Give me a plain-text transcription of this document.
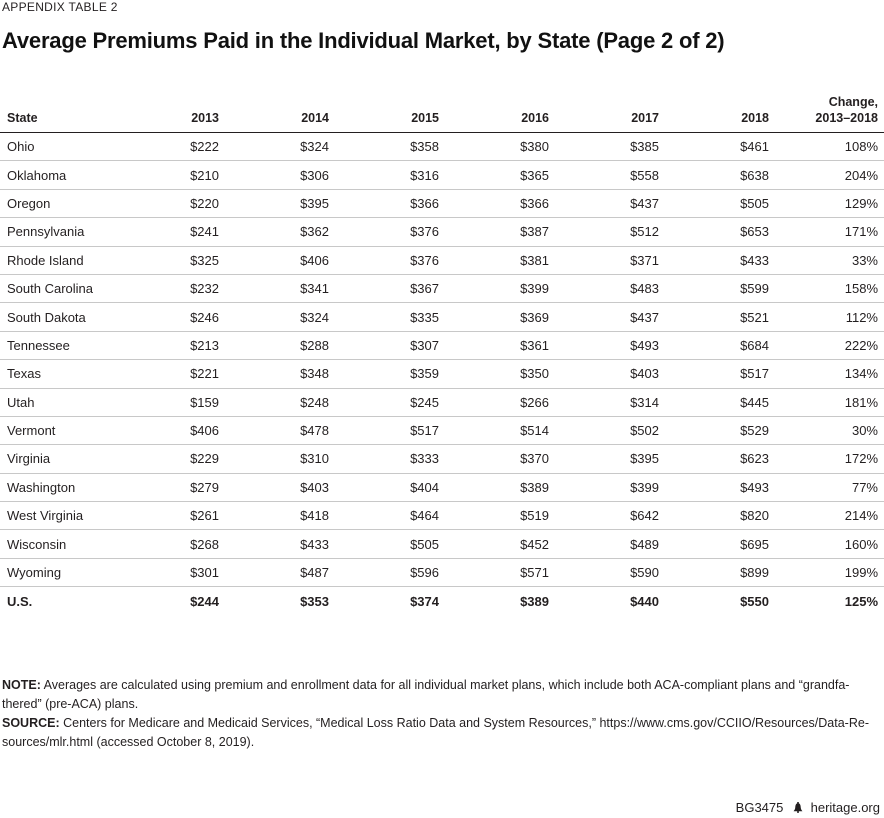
APPENDIX TABLE 2
Average Premiums Paid in the Individual Market, by State (Page 2 of 2)
State	2013	2014	2015	2016	2017	2018	Change,
2013–2018
Ohio	$222	$324	$358	$380	$385	$461	108%
Oklahoma	$210	$306	$316	$365	$558	$638	204%
Oregon	$220	$395	$366	$366	$437	$505	129%
Pennsylvania	$241	$362	$376	$387	$512	$653	171%
Rhode Island	$325	$406	$376	$381	$371	$433	33%
South Carolina	$232	$341	$367	$399	$483	$599	158%
South Dakota	$246	$324	$335	$369	$437	$521	112%
Tennessee	$213	$288	$307	$361	$493	$684	222%
Texas	$221	$348	$359	$350	$403	$517	134%
Utah	$159	$248	$245	$266	$314	$445	181%
Vermont	$406	$478	$517	$514	$502	$529	30%
Virginia	$229	$310	$333	$370	$395	$623	172%
Washington	$279	$403	$404	$389	$399	$493	77%
West Virginia	$261	$418	$464	$519	$642	$820	214%
Wisconsin	$268	$433	$505	$452	$489	$695	160%
Wyoming	$301	$487	$596	$571	$590	$899	199%
U.S.	$244	$353	$374	$389	$440	$550	125%
NOTE: Averages are calculated using premium and enrollment data for all individual market plans, which include both ACA-compliant plans and “grandfa-thered” (pre-ACA) plans.
SOURCE: Centers for Medicare and Medicaid Services, “Medical Loss Ratio Data and System Resources,” https://www.cms.gov/CCIIO/Resources/Data-Re-sources/mlr.html (accessed October 8, 2019).
BG3475 heritage.org
